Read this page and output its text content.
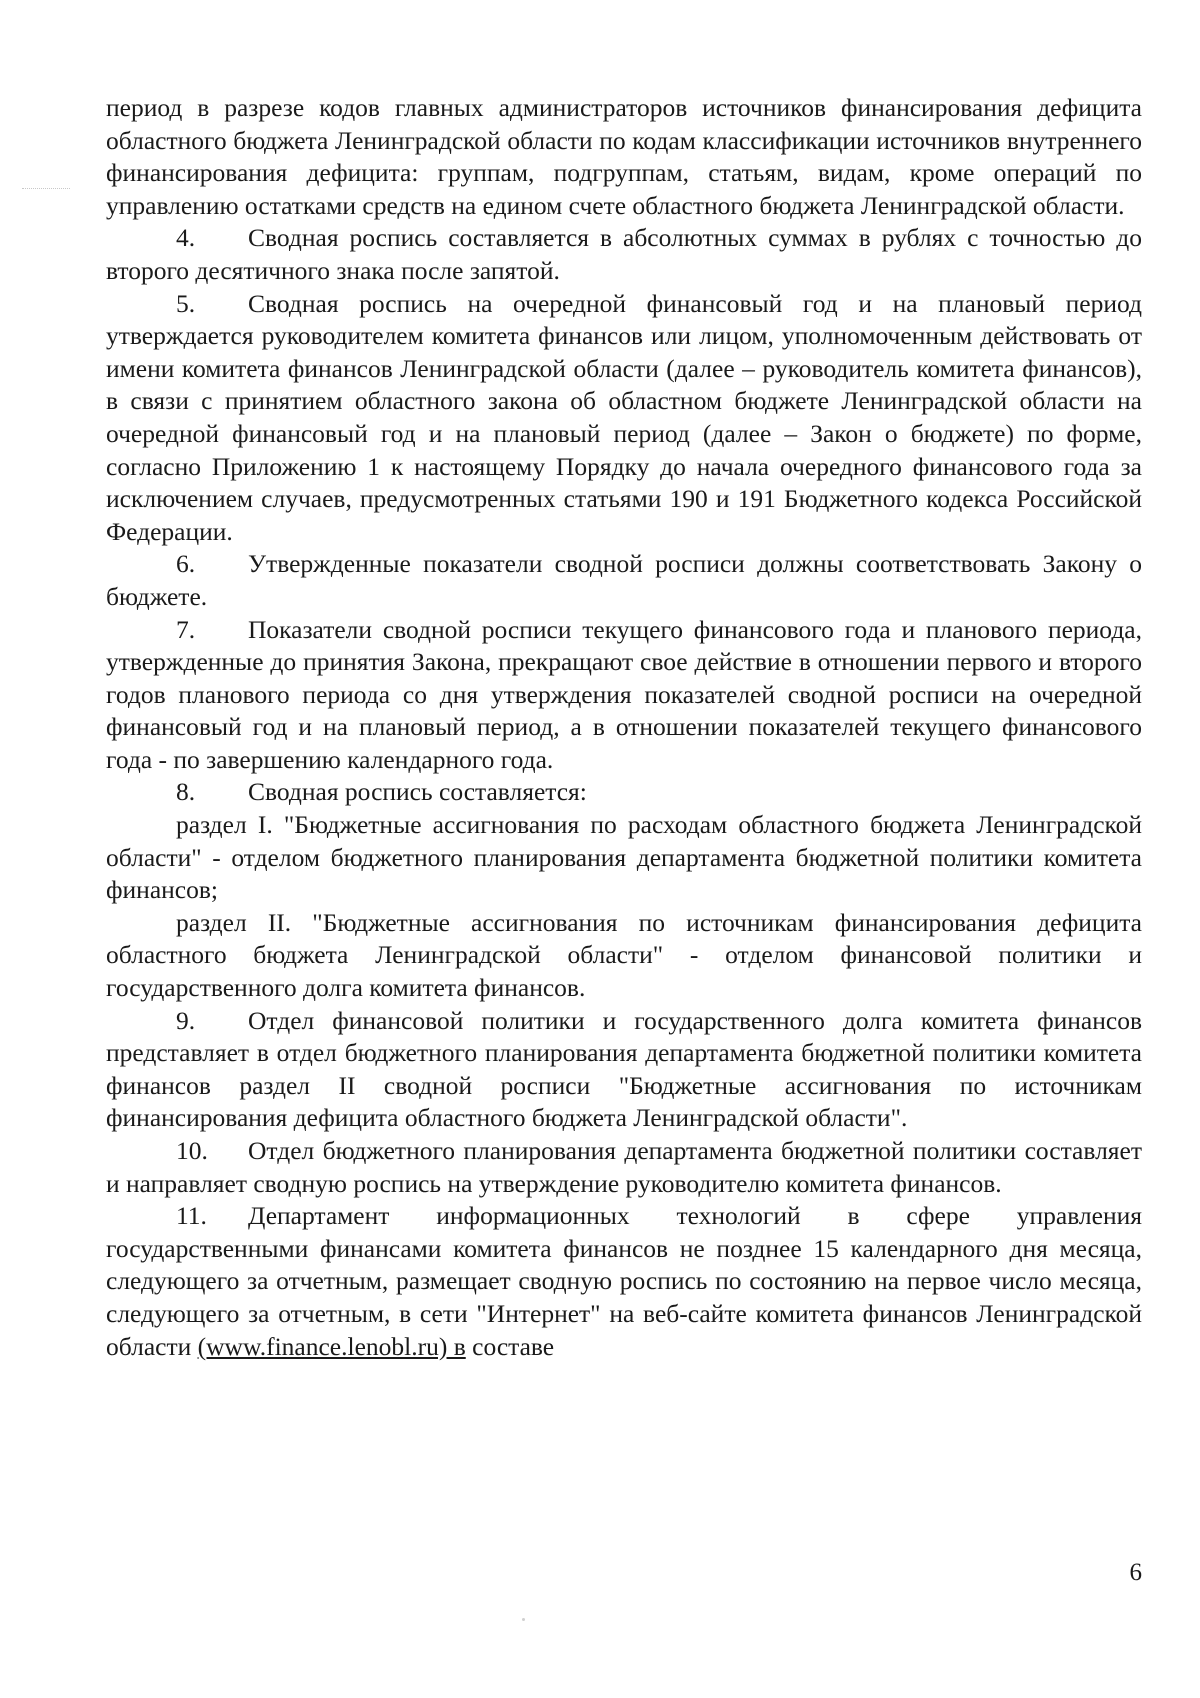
период в разрезе кодов главных администраторов источников финансирования дефицита областного бюджета Ленинградской области по кодам классификации источников внутреннего финансирования дефицита: группам, подгруппам, статьям, видам, кроме операций по управлению остатками средств на едином счете областного бюджета Ленинградской области.

4. Сводная роспись составляется в абсолютных суммах в рублях с точностью до второго десятичного знака после запятой.

5. Сводная роспись на очередной финансовый год и на плановый период утверждается руководителем комитета финансов или лицом, уполномоченным действовать от имени комитета финансов Ленинградской области (далее – руководитель комитета финансов), в связи с принятием областного закона об областном бюджете Ленинградской области на очередной финансовый год и на плановый период (далее – Закон о бюджете) по форме, согласно Приложению 1 к настоящему Порядку до начала очередного финансового года за исключением случаев, предусмотренных статьями 190 и 191 Бюджетного кодекса Российской Федерации.

6. Утвержденные показатели сводной росписи должны соответствовать Закону о бюджете.

7. Показатели сводной росписи текущего финансового года и планового периода, утвержденные до принятия Закона, прекращают свое действие в отношении первого и второго годов планового периода со дня утверждения показателей сводной росписи на очередной финансовый год и на плановый период, а в отношении показателей текущего финансового года - по завершению календарного года.

8. Сводная роспись составляется:

раздел I. "Бюджетные ассигнования по расходам областного бюджета Ленинградской области" - отделом бюджетного планирования департамента бюджетной политики комитета финансов;

раздел II. "Бюджетные ассигнования по источникам финансирования дефицита областного бюджета Ленинградской области" - отделом финансовой политики и государственного долга комитета финансов.

9. Отдел финансовой политики и государственного долга комитета финансов представляет в отдел бюджетного планирования департамента бюджетной политики комитета финансов раздел II сводной росписи "Бюджетные ассигнования по источникам финансирования дефицита областного бюджета Ленинградской области".

10. Отдел бюджетного планирования департамента бюджетной политики составляет и направляет сводную роспись на утверждение руководителю комитета финансов.

11. Департамент информационных технологий в сфере управления государственными финансами комитета финансов не позднее 15 календарного дня месяца, следующего за отчетным, размещает сводную роспись по состоянию на первое число месяца, следующего за отчетным, в сети "Интернет" на веб-сайте комитета финансов Ленинградской области (www.finance.lenobl.ru) в составе

6
